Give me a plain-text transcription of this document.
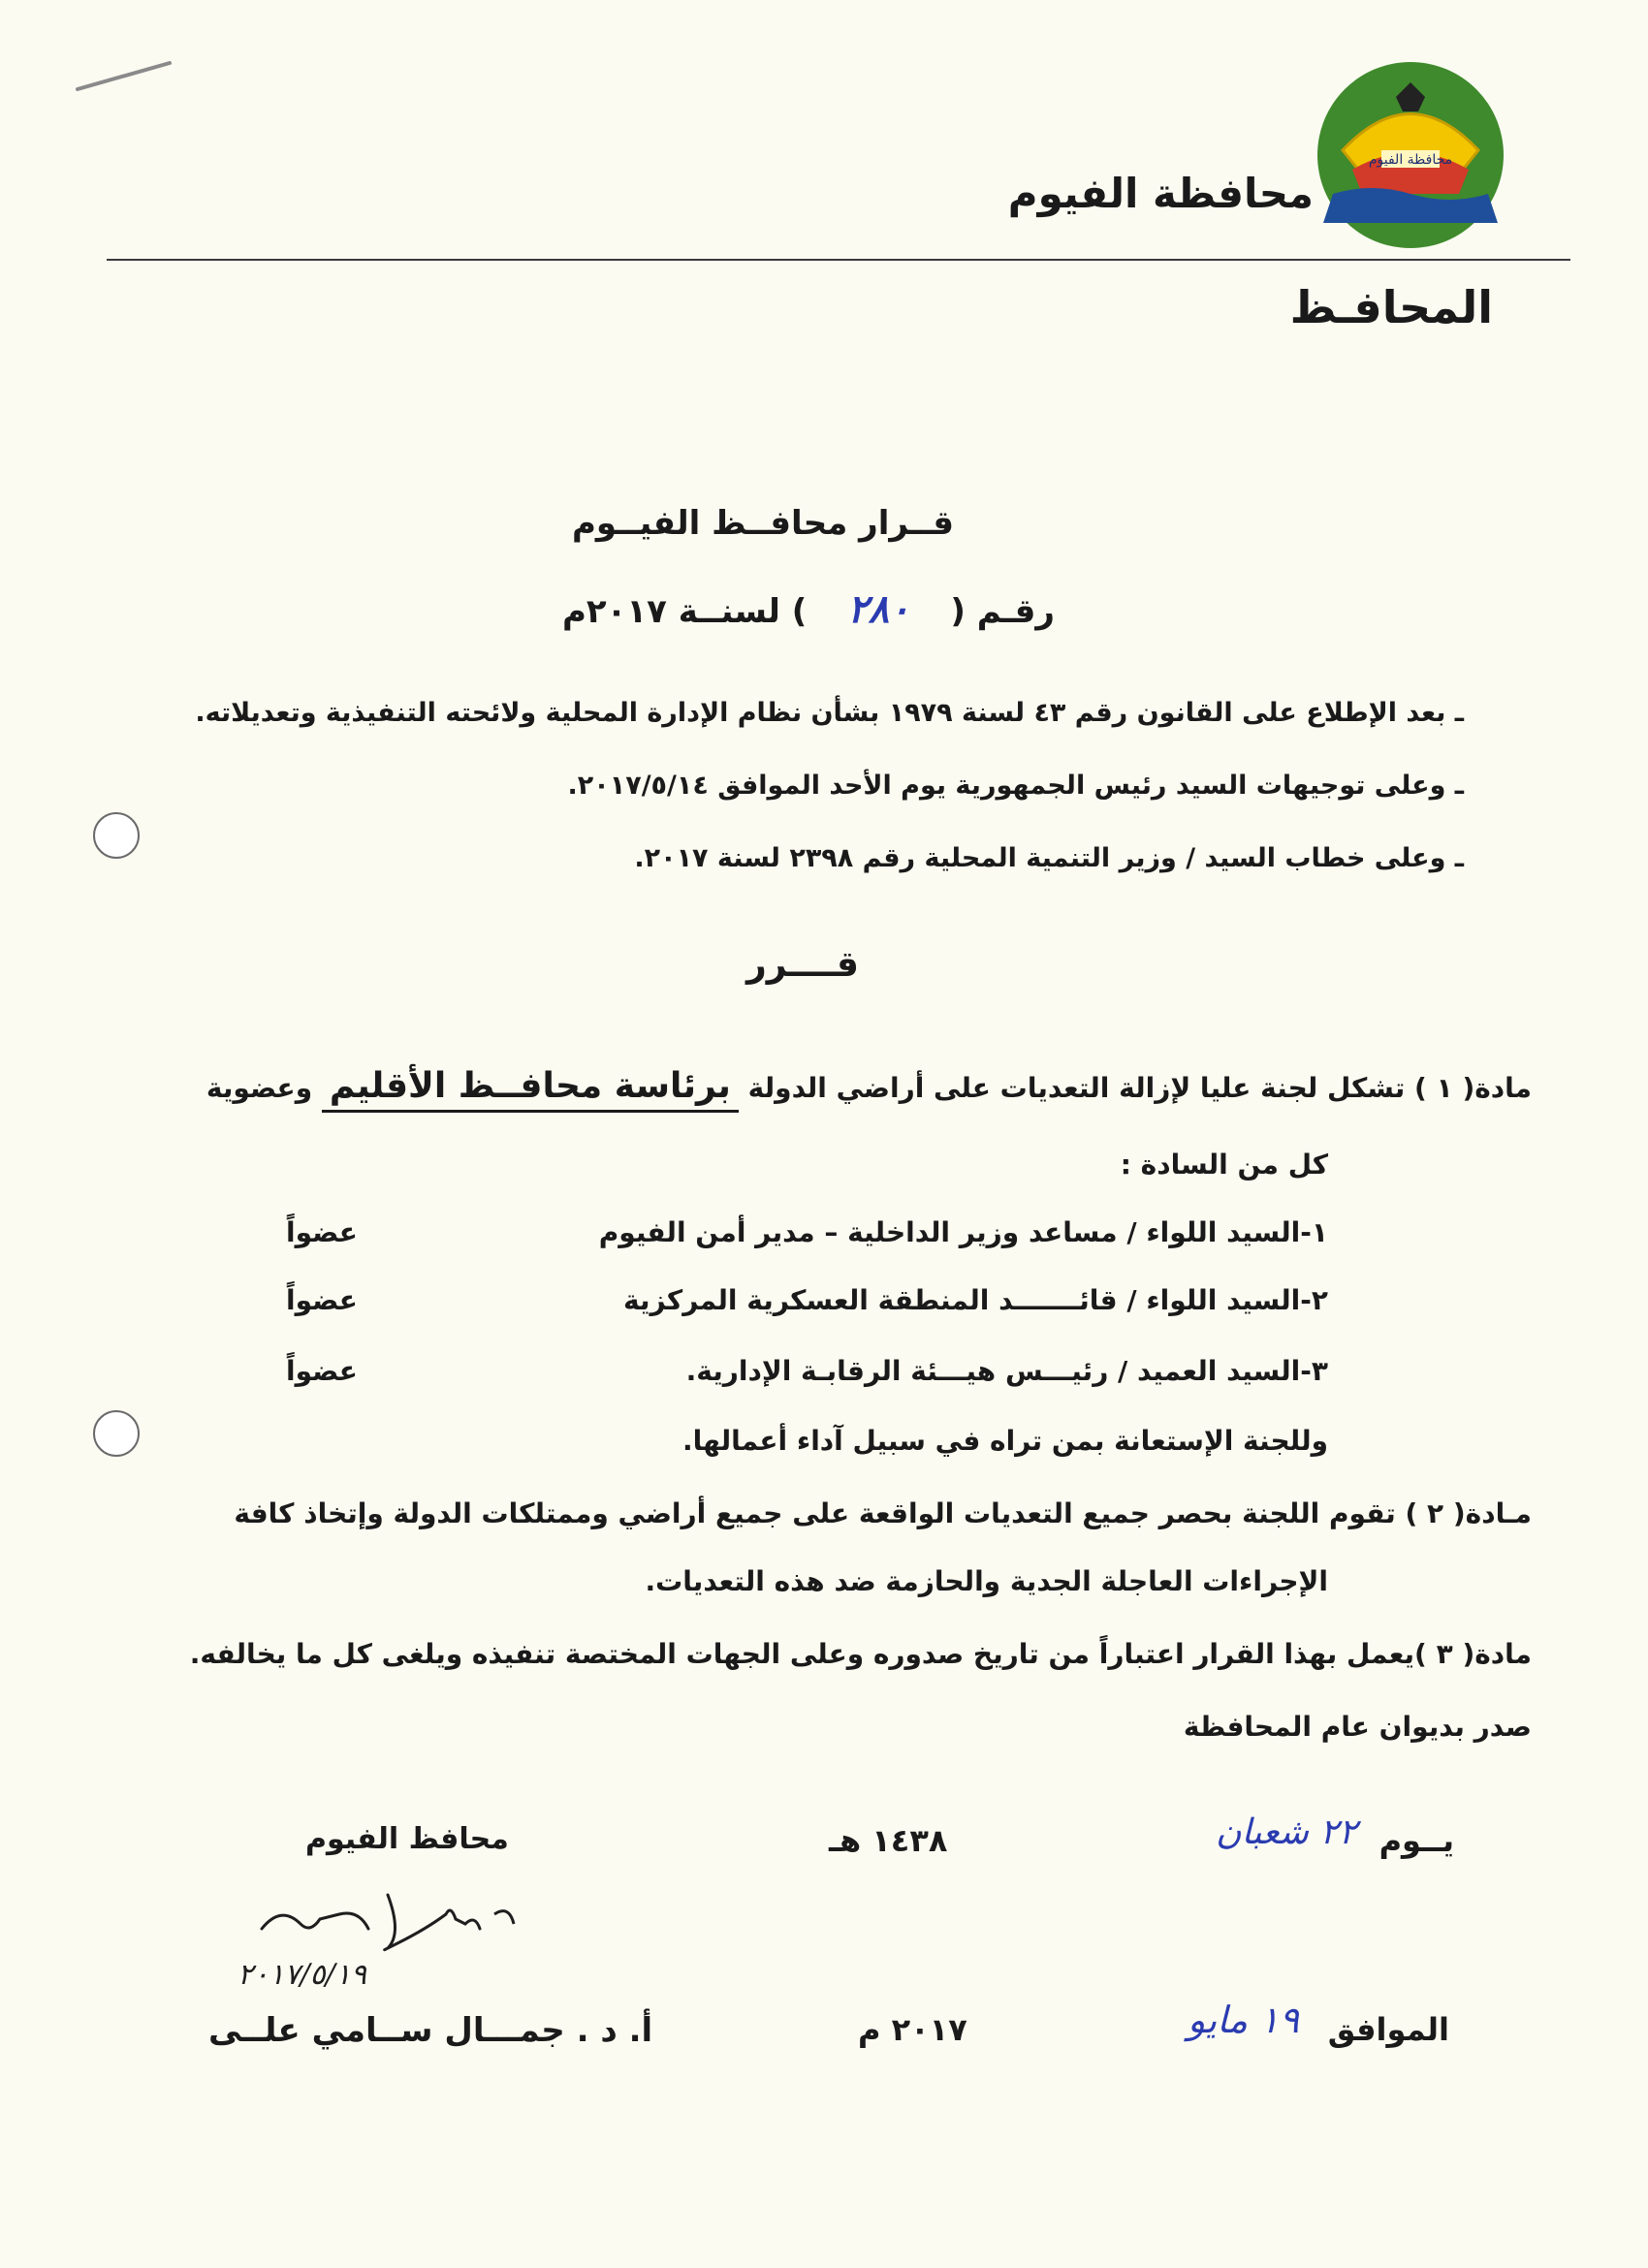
محافظة الفيوم
محافظة الفيوم
المحافـظ
قــرار محافــظ الفيــوم
رقـم ( ٢٨٠ ) لسنــة ٢٠١٧م
ـ بعد الإطلاع على القانون رقم ٤٣ لسنة ١٩٧٩ بشأن نظام الإدارة المحلية ولائحته التنفيذية وتعديلاته.
ـ وعلى توجيهات السيد رئيس الجمهورية يوم الأحد الموافق ٢٠١٧/٥/١٤.
ـ وعلى خطاب السيد / وزير التنمية المحلية رقم ٢٣٩٨ لسنة ٢٠١٧.
قــــرر
مادة( ١ ) تشكل لجنة عليا لإزالة التعديات على أراضي الدولة برئاسة محافــظ الأقليم وعضوية
كل من السادة :
١-السيد اللواء / مساعد وزير الداخلية – مدير أمن الفيوم
عضواً
٢-السيد اللواء / قائـــــــد المنطقة العسكرية المركزية
عضواً
٣-السيد العميد / رئيـــس هيـــئة الرقابـة الإدارية.
عضواً
وللجنة الإستعانة بمن تراه في سبيل آداء أعمالها.
مـادة( ٢ ) تقوم اللجنة بحصر جميع التعديات الواقعة على جميع أراضي وممتلكات الدولة وإتخاذ كافة
الإجراءات العاجلة الجدية والحازمة ضد هذه التعديات.
مادة( ٣ )يعمل بهذا القرار اعتباراً من تاريخ صدوره وعلى الجهات المختصة تنفيذه ويلغى كل ما يخالفه.
صدر بديوان عام المحافظة
يــوم
٢٢ شعبان
١٤٣٨ هـ
محافظ الفيوم
٢٠١٧/٥/١٩
الموافق
١٩ مايو
٢٠١٧ م
أ. د . جمـــال ســامي علــى
